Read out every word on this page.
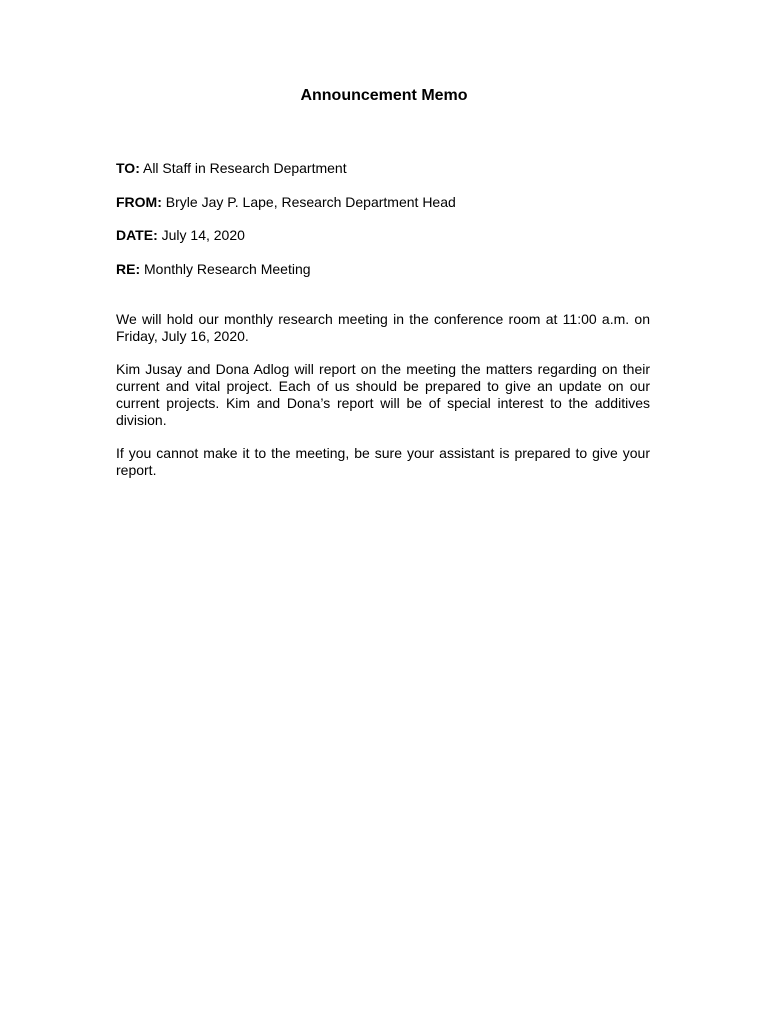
Announcement Memo

TO: All Staff in Research Department

FROM: Bryle Jay P. Lape, Research Department Head

DATE: July 14, 2020

RE: Monthly Research Meeting

We will hold our monthly research meeting in the conference room at 11:00 a.m. on Friday, July 16, 2020.

Kim Jusay and Dona Adlog will report on the meeting the matters regarding on their current and vital project. Each of us should be prepared to give an update on our current projects. Kim and Dona’s report will be of special interest to the additives division.

If you cannot make it to the meeting, be sure your assistant is prepared to give your report.
